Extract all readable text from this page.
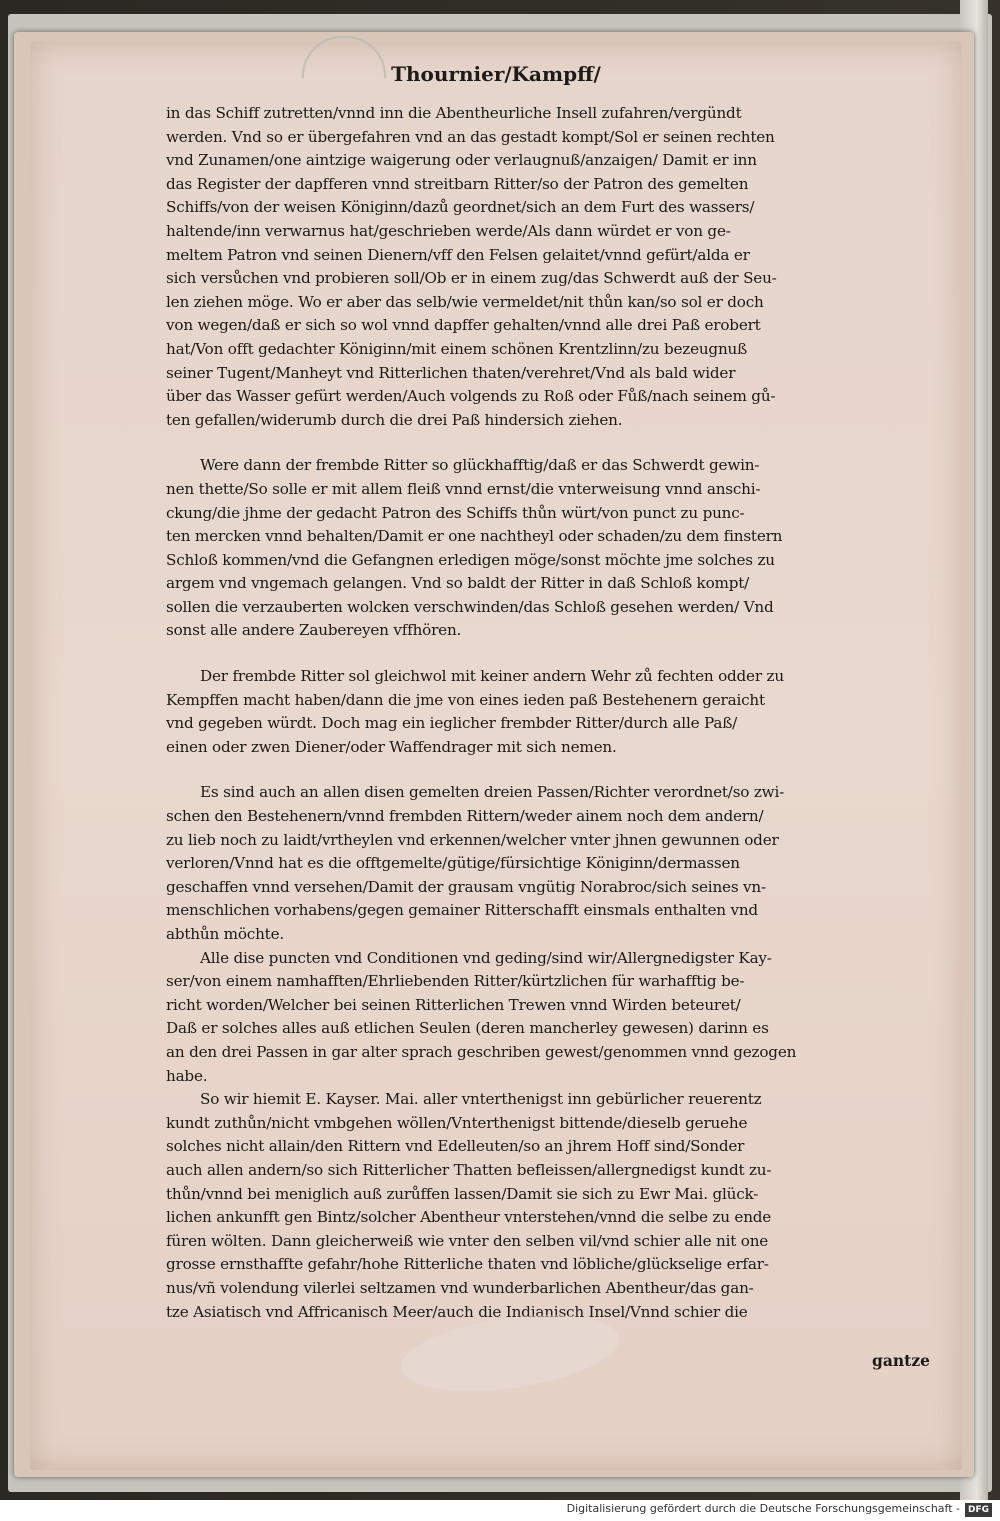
Thournier/Kampff/
in das Schiff zutretten/vnnd inn die Abentheurliche Insell zufahren/vergündt
werden. Vnd so er übergefahren vnd an das gestadt kompt/Sol er seinen rechten
vnd Zunamen/one aintzige waigerung oder verlaugnuß/anzaigen/ Damit er inn
das Register der dapfferen vnnd streitbarn Ritter/so der Patron des gemelten
Schiffs/von der weisen Königinn/dazů geordnet/sich an dem Furt des wassers/
haltende/inn verwarnus hat/geschrieben werde/Als dann würdet er von ge-
meltem Patron vnd seinen Dienern/vff den Felsen gelaitet/vnnd gefürt/alda er
sich versůchen vnd probieren soll/Ob er in einem zug/das Schwerdt auß der Seu-
len ziehen möge. Wo er aber das selb/wie vermeldet/nit thůn kan/so sol er doch
von wegen/daß er sich so wol vnnd dapffer gehalten/vnnd alle drei Paß erobert
hat/Von offt gedachter Königinn/mit einem schönen Krentzlinn/zu bezeugnuß
seiner Tugent/Manheyt vnd Ritterlichen thaten/verehret/Vnd als bald wider
über das Wasser gefürt werden/Auch volgends zu Roß oder Fůß/nach seinem gů-
ten gefallen/widerumb durch die drei Paß hindersich ziehen.
Were dann der frembde Ritter so glückhafftig/daß er das Schwerdt gewin-
nen thette/So solle er mit allem fleiß vnnd ernst/die vnterweisung vnnd anschi-
ckung/die jhme der gedacht Patron des Schiffs thůn würt/von punct zu punc-
ten mercken vnnd behalten/Damit er one nachtheyl oder schaden/zu dem finstern
Schloß kommen/vnd die Gefangnen erledigen möge/sonst möchte jme solches zu
argem vnd vngemach gelangen. Vnd so baldt der Ritter in daß Schloß kompt/
sollen die verzauberten wolcken verschwinden/das Schloß gesehen werden/ Vnd
sonst alle andere Zaubereyen vffhören.
Der frembde Ritter sol gleichwol mit keiner andern Wehr zů fechten odder zu
Kempffen macht haben/dann die jme von eines ieden paß Bestehenern geraicht
vnd gegeben würdt. Doch mag ein ieglicher frembder Ritter/durch alle Paß/
einen oder zwen Diener/oder Waffendrager mit sich nemen.
Es sind auch an allen disen gemelten dreien Passen/Richter verordnet/so zwi-
schen den Bestehenern/vnnd frembden Rittern/weder ainem noch dem andern/
zu lieb noch zu laidt/vrtheylen vnd erkennen/welcher vnter jhnen gewunnen oder
verloren/Vnnd hat es die offtgemelte/gütige/fürsichtige Königinn/dermassen
geschaffen vnnd versehen/Damit der grausam vngütig Norabroc/sich seines vn-
menschlichen vorhabens/gegen gemainer Ritterschafft einsmals enthalten vnd
abthůn möchte.
Alle dise puncten vnd Conditionen vnd geding/sind wir/Allergnedigster Kay-
ser/von einem namhafften/Ehrliebenden Ritter/kürtzlichen für warhafftig be-
richt worden/Welcher bei seinen Ritterlichen Trewen vnnd Wirden beteuret/
Daß er solches alles auß etlichen Seulen (deren mancherley gewesen) darinn es
an den drei Passen in gar alter sprach geschriben gewest/genommen vnnd gezogen
habe.
So wir hiemit E. Kayser. Mai. aller vnterthenigst inn gebürlicher reuerentz
kundt zuthůn/nicht vmbgehen wöllen/Vnterthenigst bittende/dieselb geruehe
solches nicht allain/den Rittern vnd Edelleuten/so an jhrem Hoff sind/Sonder
auch allen andern/so sich Ritterlicher Thatten befleissen/allergnedigst kundt zu-
thůn/vnnd bei meniglich auß zurůffen lassen/Damit sie sich zu Ewr Mai. glück-
lichen ankunfft gen Bintz/solcher Abentheur vnterstehen/vnnd die selbe zu ende
füren wölten. Dann gleicherweiß wie vnter den selben vil/vnd schier alle nit one
grosse ernsthaffte gefahr/hohe Ritterliche thaten vnd löbliche/glückselige erfar-
nus/vñ volendung vilerlei seltzamen vnd wunderbarlichen Abentheur/das gan-
tze Asiatisch vnd Affricanisch Meer/auch die Indianisch Insel/Vnnd schier die
gantze
Digitalisierung gefördert durch die Deutsche Forschungsgemeinschaft - DFG
